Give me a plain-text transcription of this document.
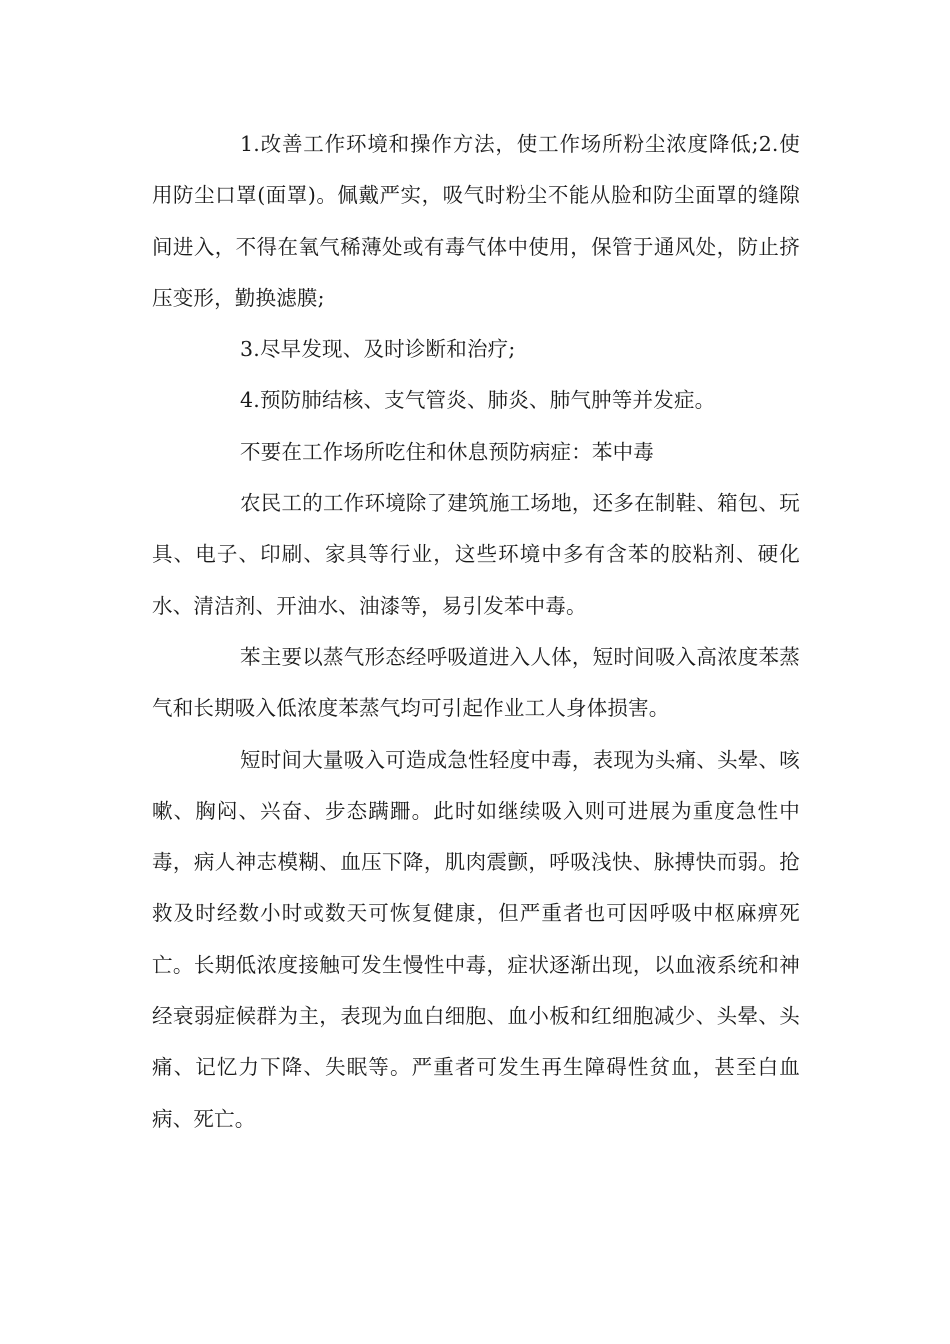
1.改善工作环境和操作方法，使工作场所粉尘浓度降低;2.使用防尘口罩(面罩)。佩戴严实，吸气时粉尘不能从脸和防尘面罩的缝隙间进入，不得在氧气稀薄处或有毒气体中使用，保管于通风处，防止挤压变形，勤换滤膜;

3.尽早发现、及时诊断和治疗;

4.预防肺结核、支气管炎、肺炎、肺气肿等并发症。

不要在工作场所吃住和休息预防病症：苯中毒

农民工的工作环境除了建筑施工场地，还多在制鞋、箱包、玩具、电子、印刷、家具等行业，这些环境中多有含苯的胶粘剂、硬化水、清洁剂、开油水、油漆等，易引发苯中毒。

苯主要以蒸气形态经呼吸道进入人体，短时间吸入高浓度苯蒸气和长期吸入低浓度苯蒸气均可引起作业工人身体损害。

短时间大量吸入可造成急性轻度中毒，表现为头痛、头晕、咳嗽、胸闷、兴奋、步态蹒跚。此时如继续吸入则可进展为重度急性中毒，病人神志模糊、血压下降，肌肉震颤，呼吸浅快、脉搏快而弱。抢救及时经数小时或数天可恢复健康，但严重者也可因呼吸中枢麻痹死亡。长期低浓度接触可发生慢性中毒，症状逐渐出现，以血液系统和神经衰弱症候群为主，表现为血白细胞、血小板和红细胞减少、头晕、头痛、记忆力下降、失眠等。严重者可发生再生障碍性贫血，甚至白血病、死亡。
